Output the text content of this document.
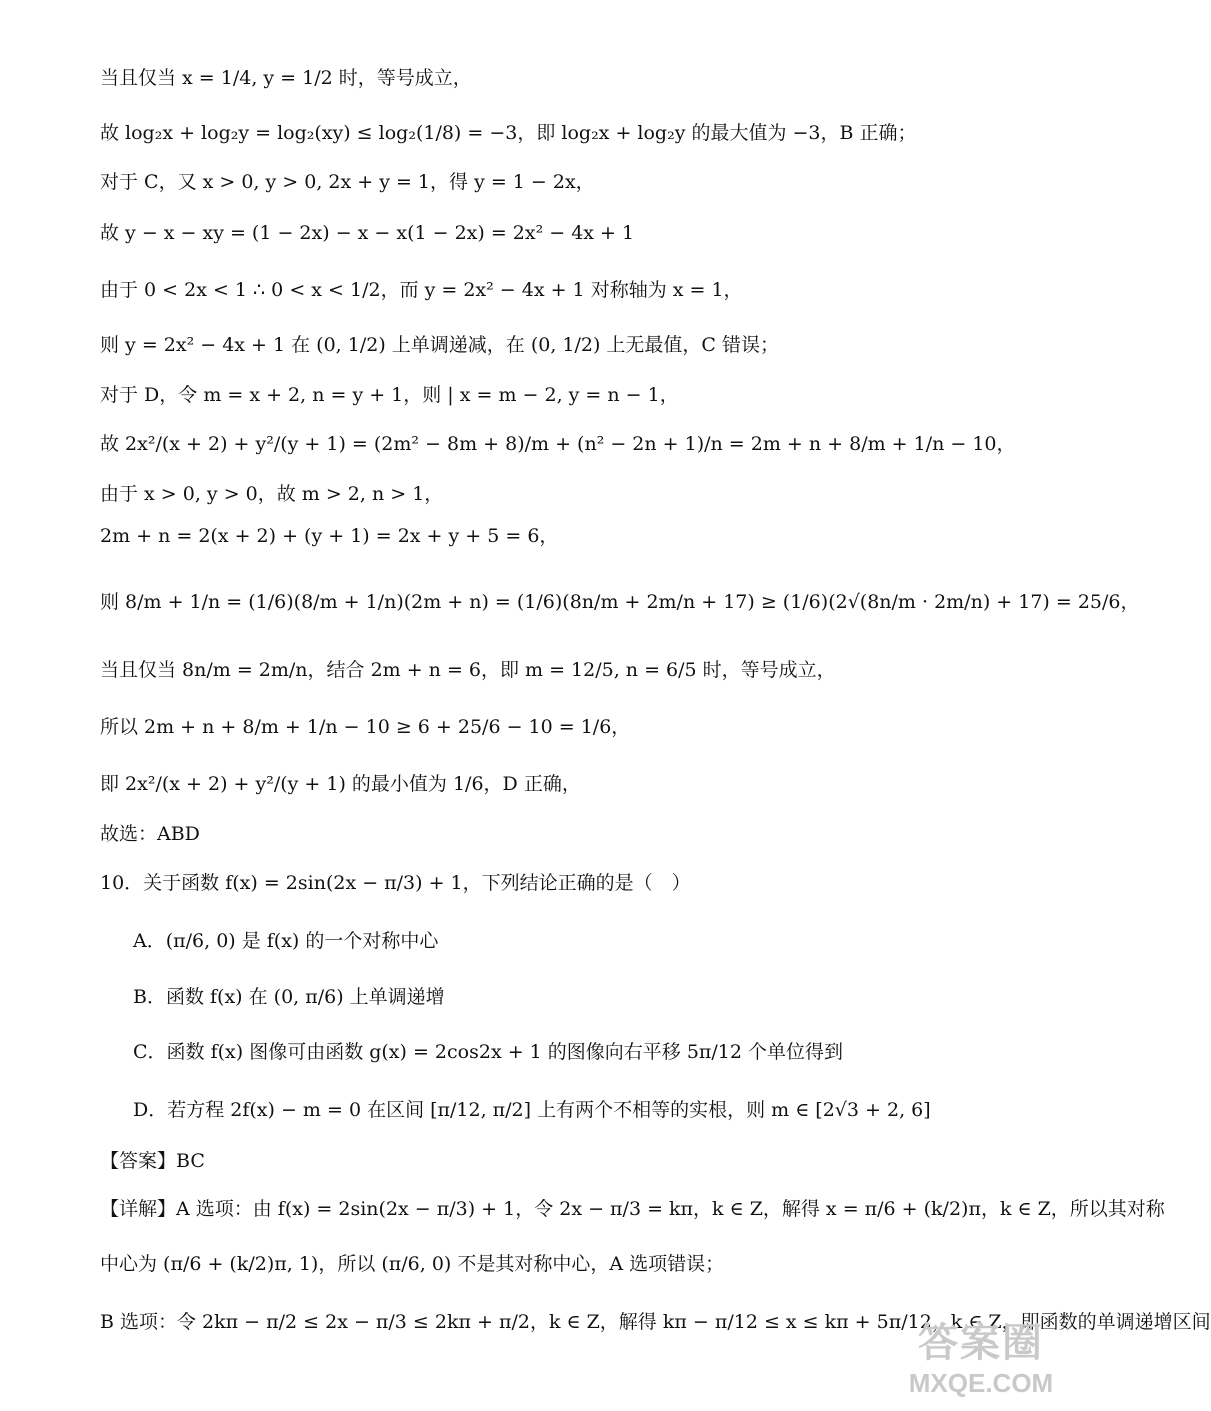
当且仅当 x = 1/4, y = 1/2 时，等号成立，
故 log₂x + log₂y = log₂(xy) ≤ log₂(1/8) = −3，即 log₂x + log₂y 的最大值为 −3，B 正确；
对于 C，又 x > 0, y > 0, 2x + y = 1，得 y = 1 − 2x，
故 y − x − xy = (1 − 2x) − x − x(1 − 2x) = 2x² − 4x + 1
由于 0 < 2x < 1 ∴ 0 < x < 1/2，而 y = 2x² − 4x + 1 对称轴为 x = 1，
则 y = 2x² − 4x + 1 在 (0, 1/2) 上单调递减，在 (0, 1/2) 上无最值，C 错误；
对于 D，令 m = x + 2, n = y + 1，则 | x = m − 2, y = n − 1，
故 2x²/(x + 2) + y²/(y + 1) = (2m² − 8m + 8)/m + (n² − 2n + 1)/n = 2m + n + 8/m + 1/n − 10，
由于 x > 0, y > 0，故 m > 2, n > 1，
2m + n = 2(x + 2) + (y + 1) = 2x + y + 5 = 6，
则 8/m + 1/n = (1/6)(8/m + 1/n)(2m + n) = (1/6)(8n/m + 2m/n + 17) ≥ (1/6)(2√(8n/m · 2m/n) + 17) = 25/6，
当且仅当 8n/m = 2m/n，结合 2m + n = 6，即 m = 12/5, n = 6/5 时，等号成立，
所以 2m + n + 8/m + 1/n − 10 ≥ 6 + 25/6 − 10 = 1/6，
即 2x²/(x + 2) + y²/(y + 1) 的最小值为 1/6，D 正确，
故选：ABD
10．关于函数 f(x) = 2sin(2x − π/3) + 1，下列结论正确的是（　）
A．(π/6, 0) 是 f(x) 的一个对称中心
B．函数 f(x) 在 (0, π/6) 上单调递增
C．函数 f(x) 图像可由函数 g(x) = 2cos2x + 1 的图像向右平移 5π/12 个单位得到
D．若方程 2f(x) − m = 0 在区间 [π/12, π/2] 上有两个不相等的实根，则 m ∈ [2√3 + 2, 6]
【答案】BC
【详解】A 选项：由 f(x) = 2sin(2x − π/3) + 1，令 2x − π/3 = kπ，k ∈ Z，解得 x = π/6 + (k/2)π，k ∈ Z，所以其对称
中心为 (π/6 + (k/2)π, 1)，所以 (π/6, 0) 不是其对称中心，A 选项错误；
B 选项：令 2kπ − π/2 ≤ 2x − π/3 ≤ 2kπ + π/2，k ∈ Z，解得 kπ − π/12 ≤ x ≤ kπ + 5π/12，k ∈ Z，即函数的单调递增区间
答案圈
MXQE.COM
